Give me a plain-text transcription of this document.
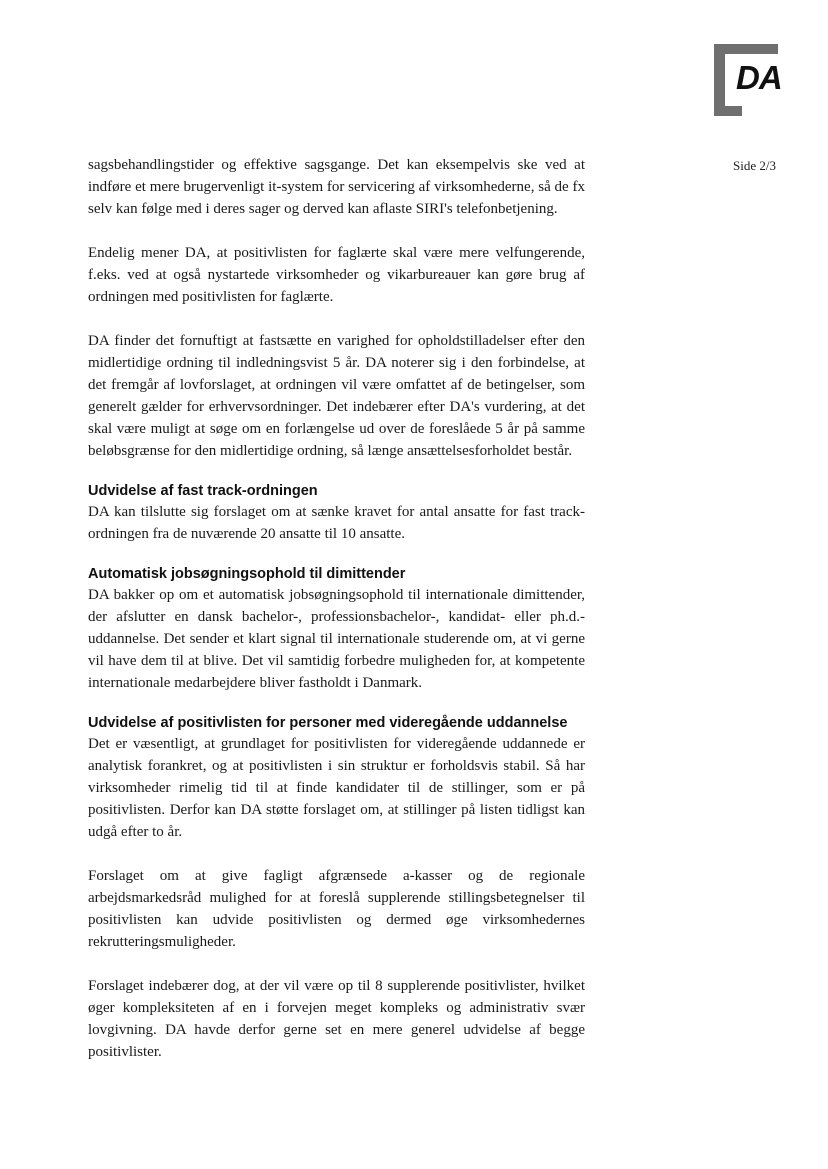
DA
Side 2/3

sagsbehandlingstider og effektive sagsgange. Det kan eksempelvis ske ved at indføre et mere brugervenligt it-system for servicering af virksomhederne, så de fx selv kan følge med i deres sager og derved kan aflaste SIRI's telefonbetjening.

Endelig mener DA, at positivlisten for faglærte skal være mere velfungerende, f.eks. ved at også nystartede virksomheder og vikarbureauer kan gøre brug af ordningen med positivlisten for faglærte.

DA finder det fornuftigt at fastsætte en varighed for opholdstilladelser efter den midlertidige ordning til indledningsvist 5 år. DA noterer sig i den forbindelse, at det fremgår af lovforslaget, at ordningen vil være omfattet af de betingelser, som generelt gælder for erhvervsordninger. Det indebærer efter DA's vurdering, at det skal være muligt at søge om en forlængelse ud over de foreslåede 5 år på samme beløbsgrænse for den midlertidige ordning, så længe ansættelsesforholdet består.

Udvidelse af fast track-ordningen

DA kan tilslutte sig forslaget om at sænke kravet for antal ansatte for fast track-ordningen fra de nuværende 20 ansatte til 10 ansatte.

Automatisk jobsøgningsophold til dimittender

DA bakker op om et automatisk jobsøgningsophold til internationale dimittender, der afslutter en dansk bachelor-, professionsbachelor-, kandidat- eller ph.d.-uddannelse. Det sender et klart signal til internationale studerende om, at vi gerne vil have dem til at blive. Det vil samtidig forbedre muligheden for, at kompetente internationale medarbejdere bliver fastholdt i Danmark.

Udvidelse af positivlisten for personer med videregående uddannelse

Det er væsentligt, at grundlaget for positivlisten for videregående uddannede er analytisk forankret, og at positivlisten i sin struktur er forholdsvis stabil. Så har virksomheder rimelig tid til at finde kandidater til de stillinger, som er på positivlisten. Derfor kan DA støtte forslaget om, at stillinger på listen tidligst kan udgå efter to år.

Forslaget om at give fagligt afgrænsede a-kasser og de regionale arbejdsmarkedsråd mulighed for at foreslå supplerende stillingsbetegnelser til positivlisten kan udvide positivlisten og dermed øge virksomhedernes rekrutteringsmuligheder.

Forslaget indebærer dog, at der vil være op til 8 supplerende positivlister, hvilket øger kompleksiteten af en i forvejen meget kompleks og administrativ svær lovgivning. DA havde derfor gerne set en mere generel udvidelse af begge positivlister.
